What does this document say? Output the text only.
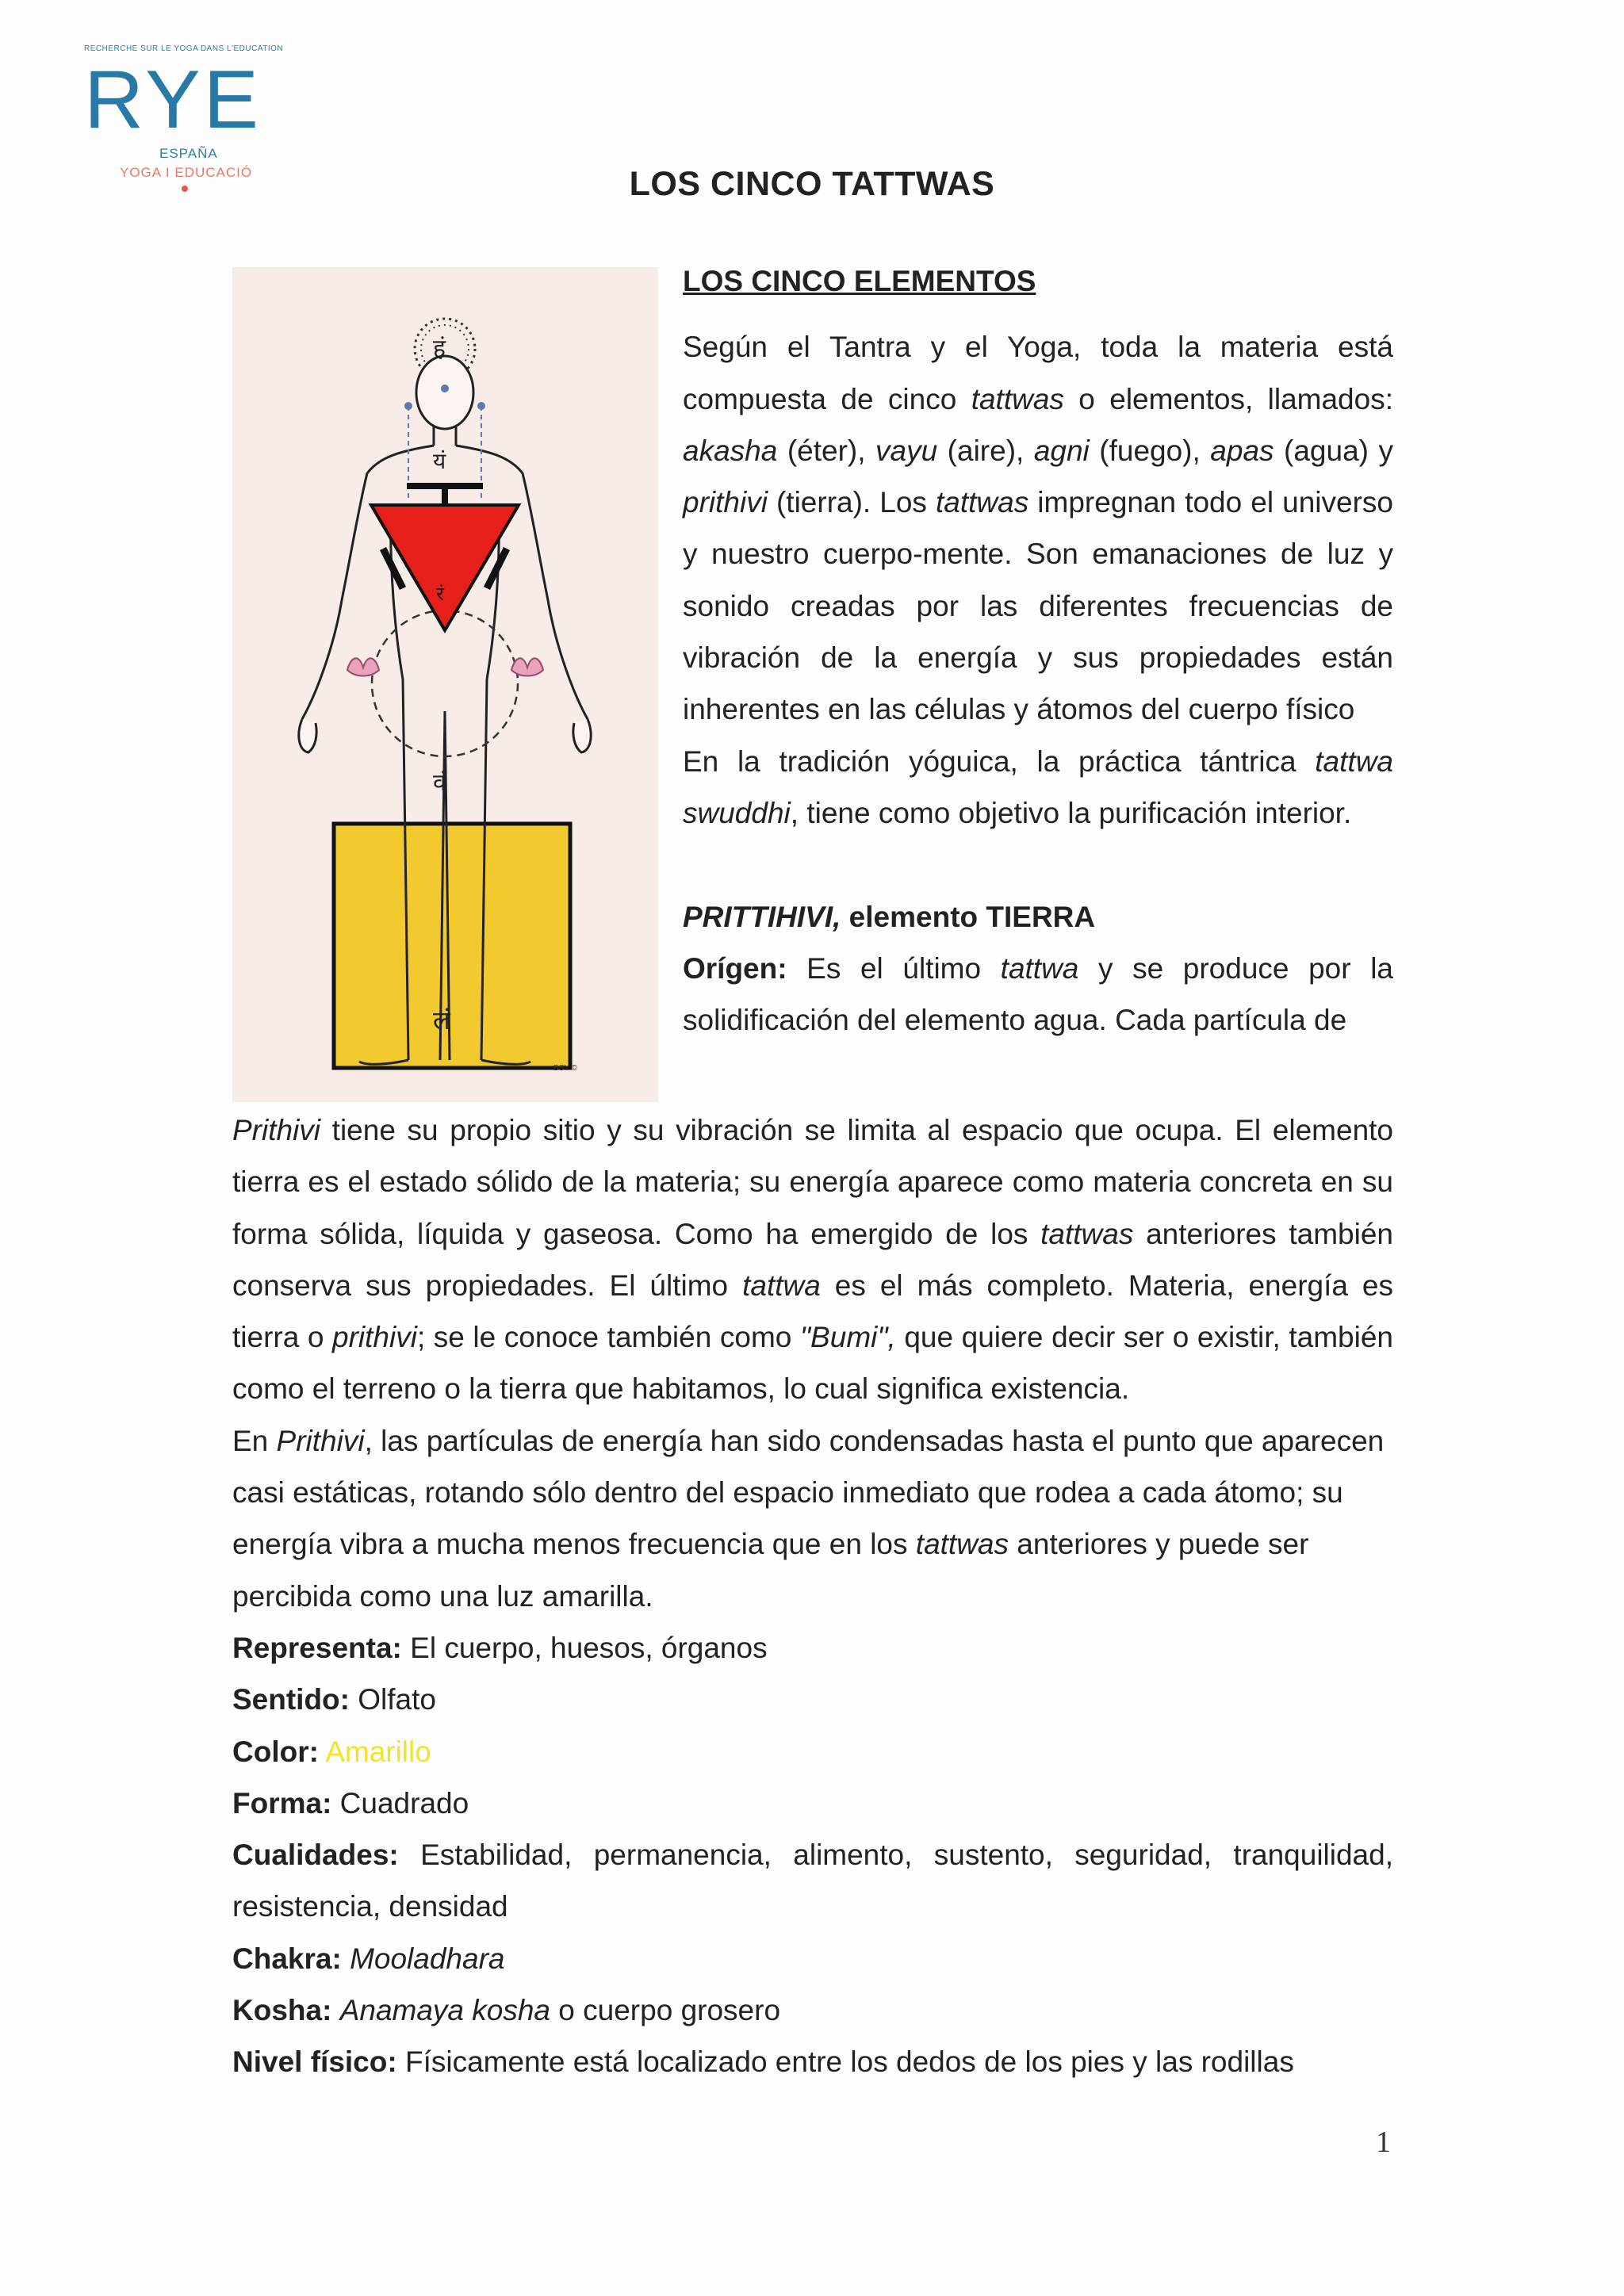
RECHERCHE SUR LE YOGA DANS L'EDUCATION
RYE
ESPAÑA
YOGA I EDUCACIÓ	LOS CINCO TATTWAS
हं
यं
रं
वं
लं
BSY ©

LOS CINCO ELEMENTOS

Según el Tantra y el Yoga, toda la materia está compuesta de cinco tattwas o elementos, llamados: akasha (éter), vayu (aire), agni (fuego), apas (agua) y prithivi (tierra). Los tattwas impregnan todo el universo y nuestro cuerpo-mente. Son emanaciones de luz y sonido creadas por las diferentes frecuencias de vibración de la energía y sus propiedades están inherentes en las células y átomos del cuerpo físico

En la tradición yóguica, la práctica tántrica tattwa swuddhi, tiene como objetivo la purificación interior.

PRITTIHIVI, elemento TIERRA

Orígen: Es el último tattwa y se produce por la solidificación del elemento agua. Cada partícula de

Prithivi tiene su propio sitio y su vibración se limita al espacio que ocupa. El elemento tierra es el estado sólido de la materia; su energía aparece como materia concreta en su forma sólida, líquida y gaseosa. Como ha emergido de los tattwas anteriores también conserva sus propiedades. El último tattwa es el más completo. Materia, energía es tierra o prithivi; se le conoce también como "Bumi", que quiere decir ser o existir, también como el terreno o la tierra que habitamos, lo cual significa existencia.

En Prithivi, las partículas de energía han sido condensadas hasta el punto que aparecen casi estáticas, rotando sólo dentro del espacio inmediato que rodea a cada átomo; su energía vibra a mucha menos frecuencia que en los tattwas anteriores y puede ser percibida como una luz amarilla.

Representa: El cuerpo, huesos, órganos

Sentido: Olfato

Color: Amarillo

Forma: Cuadrado

Cualidades: Estabilidad, permanencia, alimento, sustento, seguridad, tranquilidad, resistencia, densidad

Chakra: Mooladhara

Kosha: Anamaya kosha o cuerpo grosero

Nivel físico: Físicamente está localizado entre los dedos de los pies y las rodillas

1
